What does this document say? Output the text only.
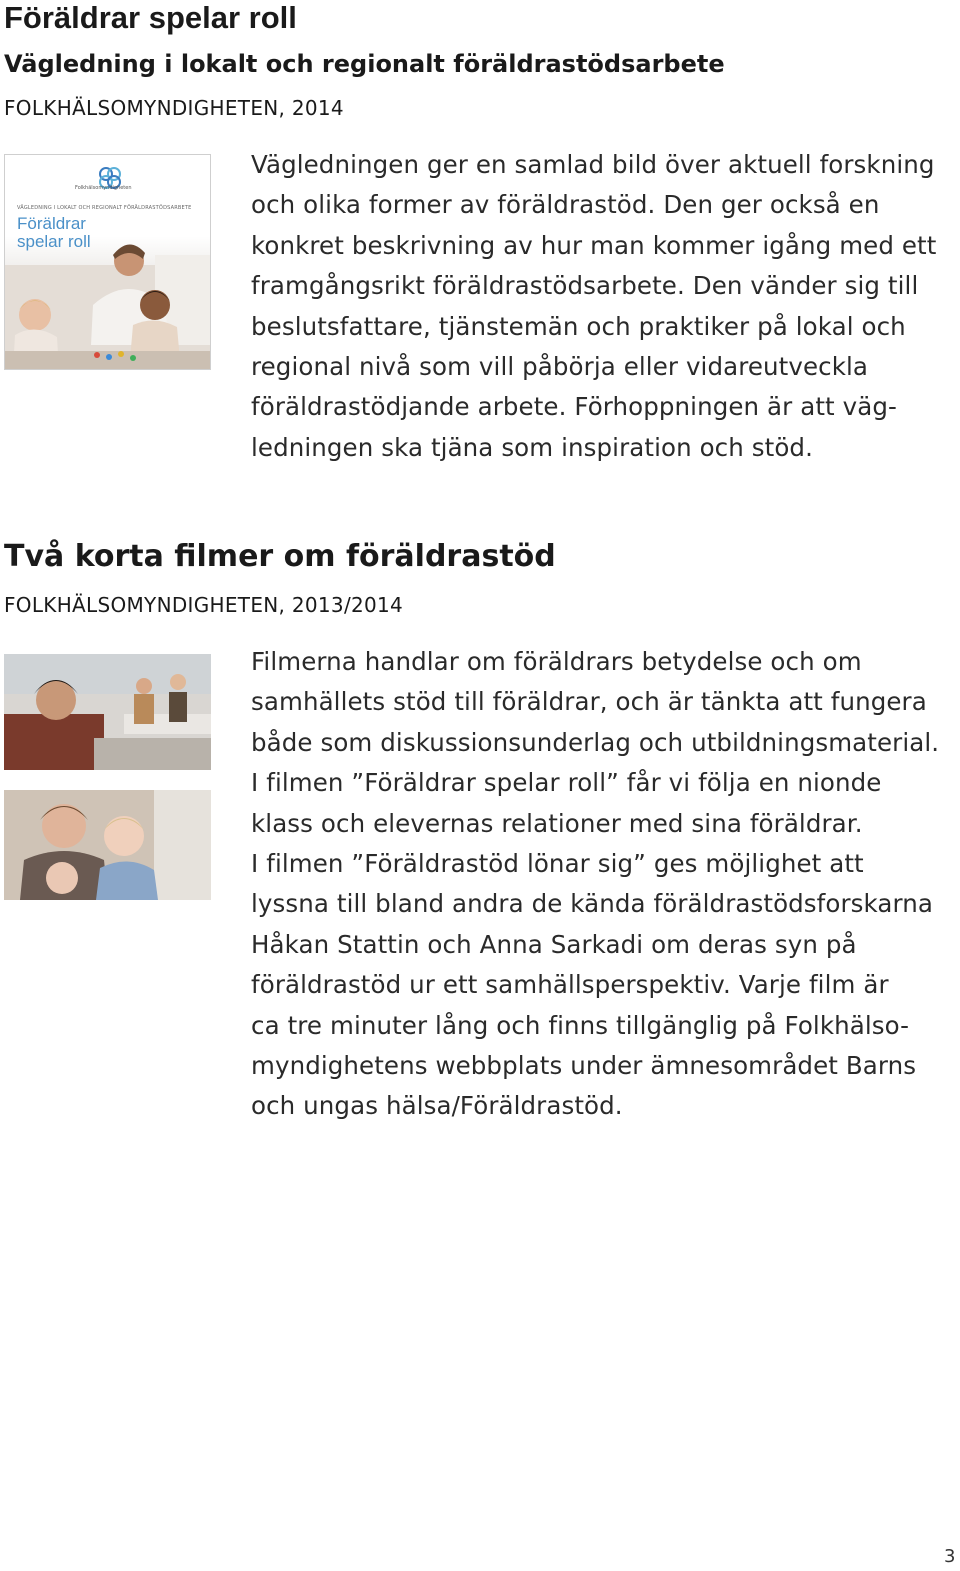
Föräldrar spelar roll
Vägledning i lokalt och regionalt föräldrastödsarbete
FOLKHÄLSOMYNDIGHETEN, 2014
Folkhälsomyndigheten
VÄGLEDNING I LOKALT OCH REGIONALT FÖRÄLDRASTÖDSARBETE
Föräldrar
spelar roll
Vägledningen ger en samlad bild över aktuell forskning
och olika former av föräldrastöd. Den ger också en
konkret beskrivning av hur man kommer igång med ett
framgångsrikt föräldrastödsarbete. Den vänder sig till
beslutsfattare, tjänstemän och praktiker på lokal och
regional nivå som vill påbörja eller vidareutveckla
föräldrastödjande arbete. Förhoppningen är att väg-
ledningen ska tjäna som inspiration och stöd.
Två korta filmer om föräldrastöd
FOLKHÄLSOMYNDIGHETEN, 2013/2014
Filmerna handlar om föräldrars betydelse och om
samhällets stöd till föräldrar, och är tänkta att fungera
både som diskussionsunderlag och utbildningsmaterial.
I filmen ”Föräldrar spelar roll” får vi följa en nionde
klass och elevernas relationer med sina föräldrar.
I filmen ”Föräldrastöd lönar sig” ges möjlighet att
lyssna till bland andra de kända föräldrastödsforskarna
Håkan Stattin och Anna Sarkadi om deras syn på
föräldrastöd ur ett samhällsperspektiv. Varje film är
ca tre minuter lång och finns tillgänglig på Folkhälso-
myndighetens webbplats under ämnesområdet Barns
och ungas hälsa/Föräldrastöd.
3
